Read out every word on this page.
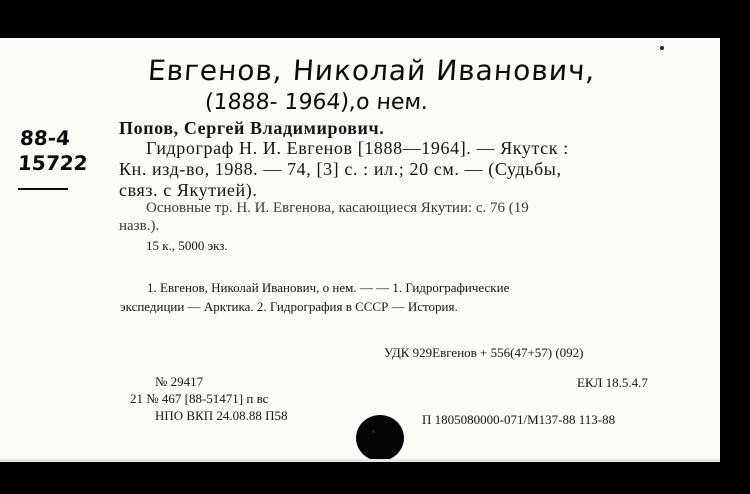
Евгенов, Николай Иванович,
(1888- 1964),о нем.
88-4
15722
Попов, Сергей Владимирович.
Гидрограф Н. И. Евгенов [1888—1964]. — Якутск :
Кн. изд-во, 1988. — 74, [3] с. : ил.; 20 см. — (Судьбы,
связ. с Якутией).
Основные тр. Н. И. Евгенова, касающиеся Якутии: с. 76 (19
назв.).
15 к., 5000 экз.
1. Евгенов, Николай Иванович, о нем. — — 1. Гидрографические
экспедиции — Арктика. 2. Гидрография в СССР — История.
УДК 929Евгенов + 556(47+57) (092)
ЕКЛ 18.5.4.7
№ 29417
21 № 467 [88-51471] п вс
НПО ВКП 24.08.88 П58	П 1805080000-071/М137-88 113-88
